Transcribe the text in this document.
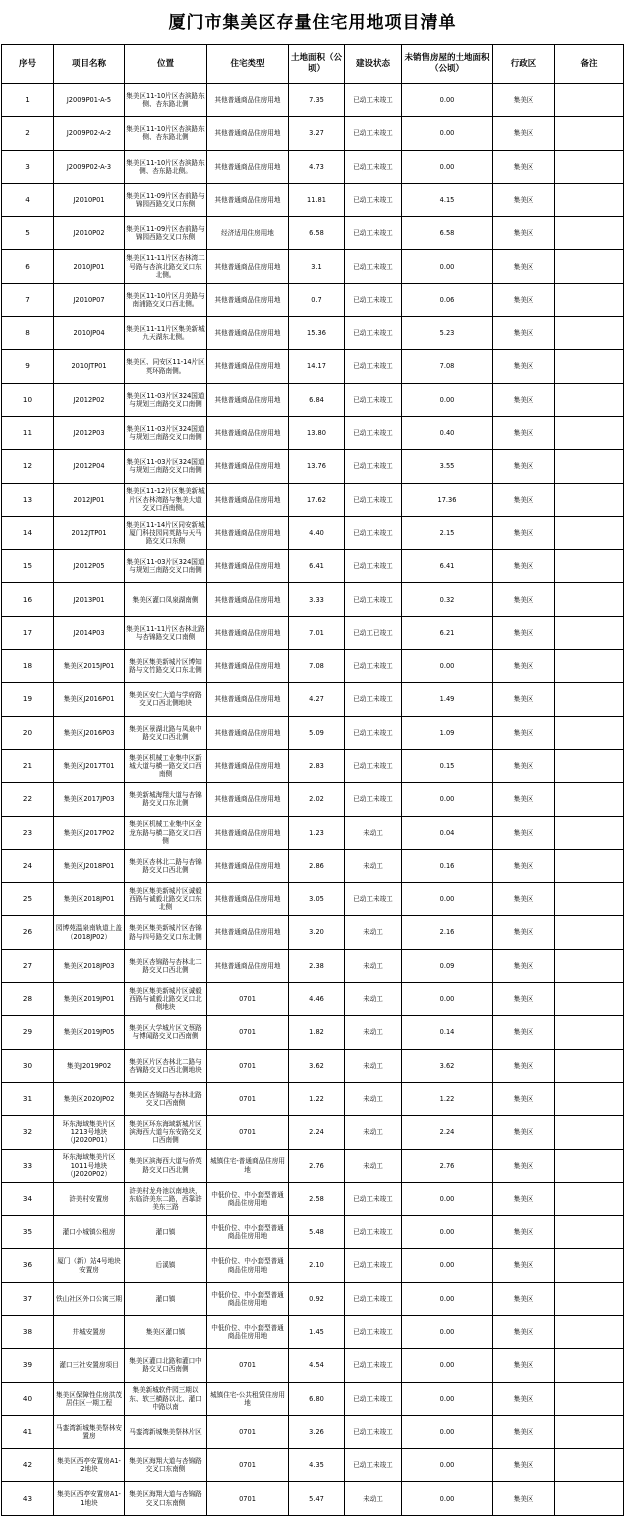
厦门市集美区存量住宅用地项目清单
序号	项目名称	位置	住宅类型	土地面积（公顷）	建设状态	未销售房屋的土地面积（公顷）	行政区	备注
1	J2009P01-A-5	集美区11-10片区杏滨路东侧、杏东路北侧	其他普通商品住房用地	7.35	已动工未竣工	0.00	集美区	
2	J2009P02-A-2	集美区11-10片区杏滨路东侧、杏东路北侧	其他普通商品住房用地	3.27	已动工未竣工	0.00	集美区	
3	J2009P02-A-3	集美区11-10片区杏滨路东侧、杏东路北侧。	其他普通商品住房用地	4.73	已动工未竣工	0.00	集美区	
4	J2010P01	集美区11-09片区杏前路与锦园西路交叉口东侧	其他普通商品住房用地	11.81	已动工未竣工	4.15	集美区	
5	J2010P02	集美区11-09片区杏前路与锦园西路交叉口东侧	经济适用住房用地	6.58	已动工未竣工	6.58	集美区	
6	2010JP01	集美区11-11片区杏林湾二号路与杏滨北路交叉口东北侧。	其他普通商品住房用地	3.1	已动工未竣工	0.00	集美区	
7	J2010P07	集美区11-10片区月美路与南浦路交叉口西北侧。	其他普通商品住房用地	0.7	已动工未竣工	0.06	集美区	
8	2010JP04	集美区11-11片区集美新城九天湖东北侧。	其他普通商品住房用地	15.36	已动工未竣工	5.23	集美区	
9	2010JTP01	集美区、同安区11-14片区英环路南侧。	其他普通商品住房用地	14.17	已动工未竣工	7.08	集美区	
10	J2012P02	集美区11-03片区324国道与规划三南路交叉口南侧	其他普通商品住房用地	6.84	已动工未竣工	0.00	集美区	
11	J2012P03	集美区11-03片区324国道与规划三南路交叉口南侧	其他普通商品住房用地	13.80	已动工未竣工	0.40	集美区	
12	J2012P04	集美区11-03片区324国道与规划三南路交叉口南侧	其他普通商品住房用地	13.76	已动工未竣工	3.55	集美区	
13	2012JP01	集美区11-12片区集美新城片区杏林湾路与集美大道交叉口西南侧。	其他普通商品住房用地	17.62	已动工未竣工	17.36	集美区	
14	2012JTP01	集美区11-14片区同安新城厦门科技园同英路与天马路交叉口东侧	其他普通商品住房用地	4.40	已动工未竣工	2.15	集美区	
15	J2012P05	集美区11-03片区324国道与规划三南路交叉口南侧	其他普通商品住房用地	6.41	已动工未竣工	6.41	集美区	
16	J2013P01	集美区灌口凤泉湖南侧	其他普通商品住房用地	3.33	已动工未竣工	0.32	集美区	
17	J2014P03	集美区11-11片区杏林北路与杏锦路交叉口南侧	其他普通商品住房用地	7.01	已动工已竣工	6.21	集美区	
18	集美区2015JP01	集美区集美新城片区博知路与文竹路交叉口东北侧	其他普通商品住房用地	7.08	已动工未竣工	0.00	集美区	
19	集美区J2016P01	集美区安仁大道与学府路交叉口西北侧地块	其他普通商品住房用地	4.27	已动工未竣工	1.49	集美区	
20	集美区J2016P03	集美区景湖北路与凤泉中路交叉口西北侧	其他普通商品住房用地	5.09	已动工未竣工	1.09	集美区	
21	集美区J2017T01	集美区机械工业集中区新城大道与横一路交叉口西南侧	其他普通商品住房用地	2.83	已动工未竣工	0.15	集美区	
22	集美区2017JP03	集美新城海翔大道与杏锦路交叉口东北侧	其他普通商品住房用地	2.02	已动工未竣工	0.00	集美区	
23	集美区J2017P02	集美区机械工业集中区金龙东路与横二路交叉口西侧	其他普通商品住房用地	1.23	未动工	0.04	集美区	
24	集美区J2018P01	集美区杏林北二路与杏锦路交叉口西北侧	其他普通商品住房用地	2.86	未动工	0.16	集美区	
25	集美区2018JP01	集美区集美新城片区诚毅西路与诚毅北路交叉口东北侧	其他普通商品住房用地	3.05	已动工未竣工	0.00	集美区	
26	园博苑温泉南轨道上盖（2018JP02）	集美区集美新城片区杏锦路与四号路交叉口东北侧	其他普通商品住房用地	3.20	未动工	2.16	集美区	
27	集美区2018JP03	集美区杏锦路与杏林北二路交叉口西北侧	其他普通商品住房用地	2.38	未动工	0.09	集美区	
28	集美区2019JP01	集美区集美新城片区诚毅西路与诚毅北路交叉口北侧地块	0701	4.46	未动工	0.00	集美区	
29	集美区2019JP05	集美区大学城片区文蔡路与博闻路交叉口西南侧	0701	1.82	未动工	0.14	集美区	
30	集美J2019P02	集美区片区杏林北二路与杏锦路交叉口西北侧地块	0701	3.62	未动工	3.62	集美区	
31	集美区2020JP02	集美区杏锦路与杏林北路交叉口西南侧	0701	1.22	未动工	1.22	集美区	
32	环东海域集美片区1213号地块（J2020P01）	集美区环东海域新城片区滨海西大道与东安路交叉口西南侧	0701	2.24	未动工	2.24	集美区	
33	环东海域集美片区1011号地块（J2020P02）	集美区滨海西大道与侨英路交叉口西北侧	城镇住宅-普通商品住房用地	2.76	未动工	2.76	集美区	
34	浒美村安置房	浒美村龙舟池以南地块，东临浒美东二路，西靠浒美东三路	中低价位、中小套型普通商品住房用地	2.58	已动工未竣工	0.00	集美区	
35	灌口小城镇公租房	灌口镇	中低价位、中小套型普通商品住房用地	5.48	已动工未竣工	0.00	集美区	
36	厦门（新）站4号地块安置房	后溪镇	中低价位、中小套型普通商品住房用地	2.10	已动工未竣工	0.00	集美区	
37	铁山社区外口公寓三期	灌口镇	中低价位、中小套型普通商品住房用地	0.92	已动工未竣工	0.00	集美区	
38	井城安置房	集美区灌口镇	中低价位、中小套型普通商品住房用地	1.45	已动工未竣工	0.00	集美区	
39	灌口三社安置房项目	集美区灌口北路和灌口中路交叉口西南侧	0701	4.54	已动工未竣工	0.00	集美区	
40	集美区保障性住房洪茂居住区一期工程	集美新城软件园三期以东、软三横路以北、灌口中路以南	城镇住宅-公共租赁住房用地	6.80	已动工未竣工	0.00	集美区	
41	马銮湾新城集美祭林安置房	马銮湾新城集美祭林片区	0701	3.26	已动工未竣工	0.00	集美区	
42	集美区西亭安置房A1-2地块	集美区海翔大道与杏锦路交叉口东南侧	0701	4.35	已动工未竣工	0.00	集美区	
43	集美区西亭安置房A1-1地块	集美区海翔大道与杏锦路交叉口东南侧	0701	5.47	未动工	0.00	集美区	
